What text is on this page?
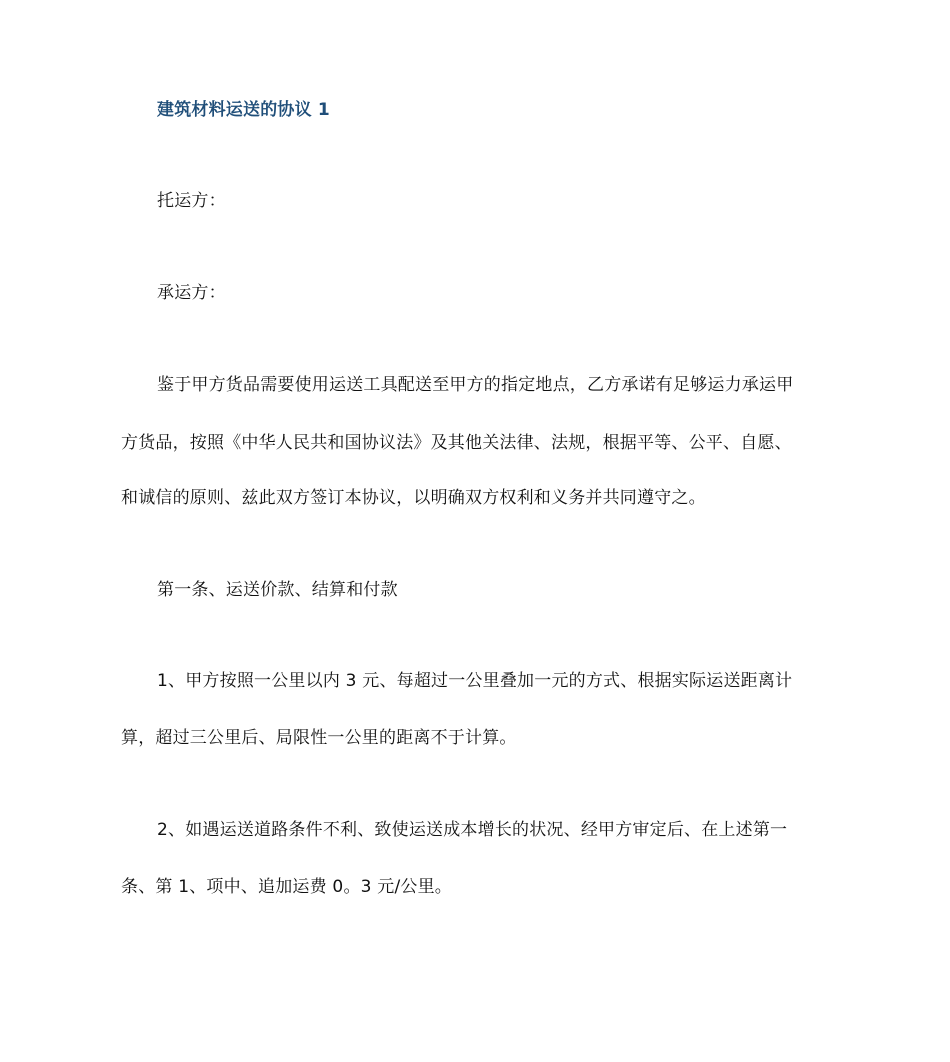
建筑材料运送的协议 1
托运方：
承运方：
鉴于甲方货品需要使用运送工具配送至甲方的指定地点，乙方承诺有足够运力承运甲
方货品，按照《中华人民共和国协议法》及其他关法律、法规，根据平等、公平、自愿、
和诚信的原则、兹此双方签订本协议，以明确双方权利和义务并共同遵守之。
第一条、运送价款、结算和付款
1、甲方按照一公里以内 3 元、每超过一公里叠加一元的方式、根据实际运送距离计
算，超过三公里后、局限性一公里的距离不于计算。
2、如遇运送道路条件不利、致使运送成本增长的状况、经甲方审定后、在上述第一
条、第 1、项中、追加运费 0。3 元/公里。
